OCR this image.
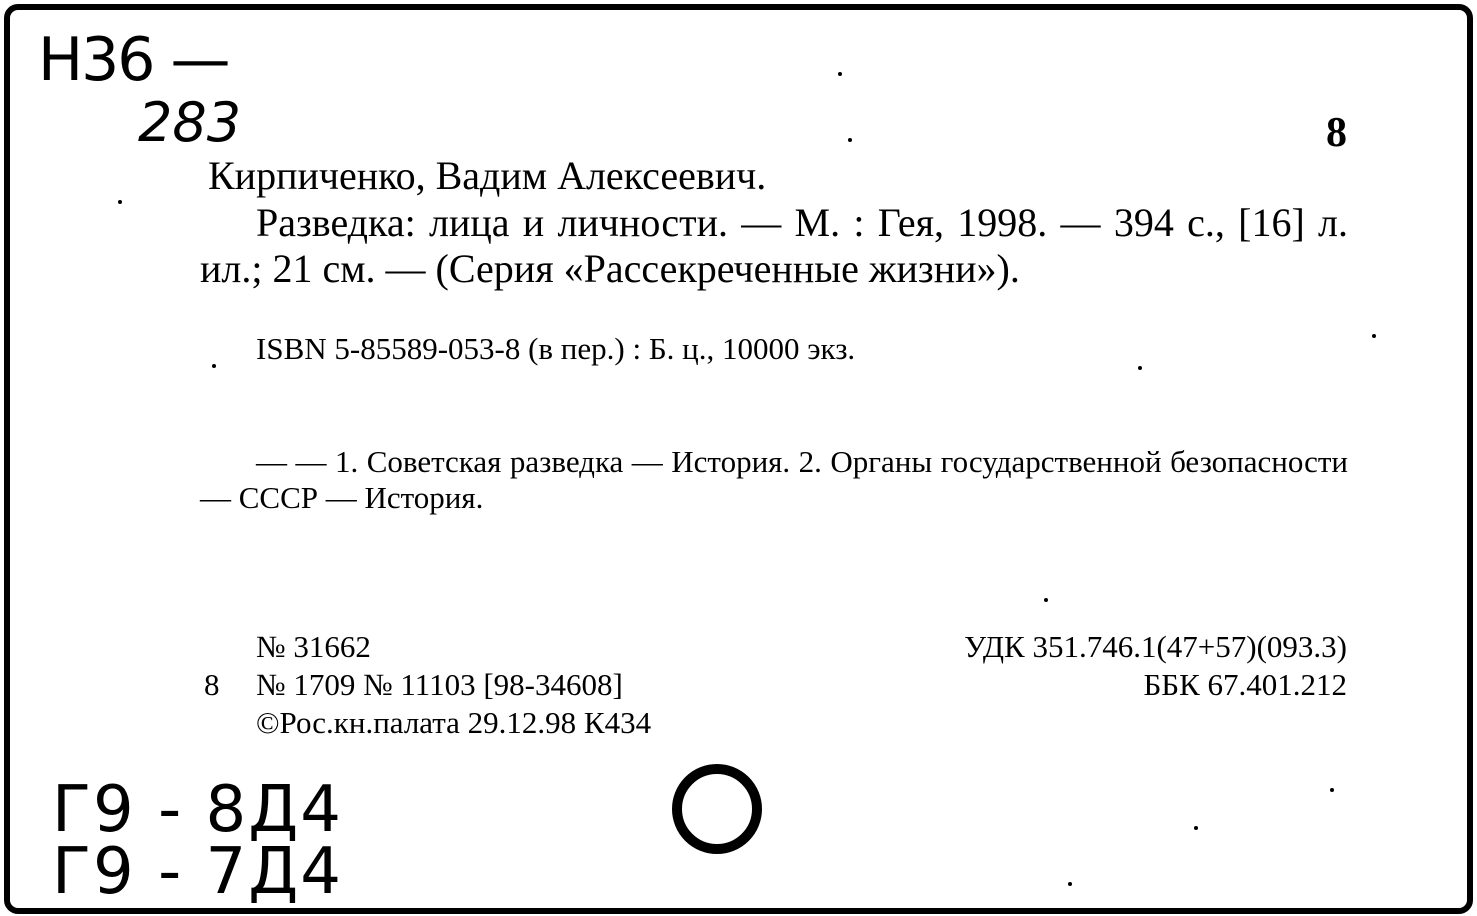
Н36 —
283	8
Кирпиченко, Вадим Алексеевич.

Разведка: лица и личности. — М. : Гея, 1998. — 394 с., [16] л. ил.; 21 см. — (Серия «Рассекреченные жизни»).

ISBN 5-85589-053-8 (в пер.) : Б. ц., 10000 экз.

— — 1. Советская разведка — История. 2. Органы государственной безопасности — СССР — История.

№ 31662
8 № 1709 № 11103 [98-34608]
©Рос.кн.палата 29.12.98 К434
УДК 351.746.1(47+57)(093.3)
ББК 67.401.212
Г9 - 8Д4
Г9 - 7Д4
